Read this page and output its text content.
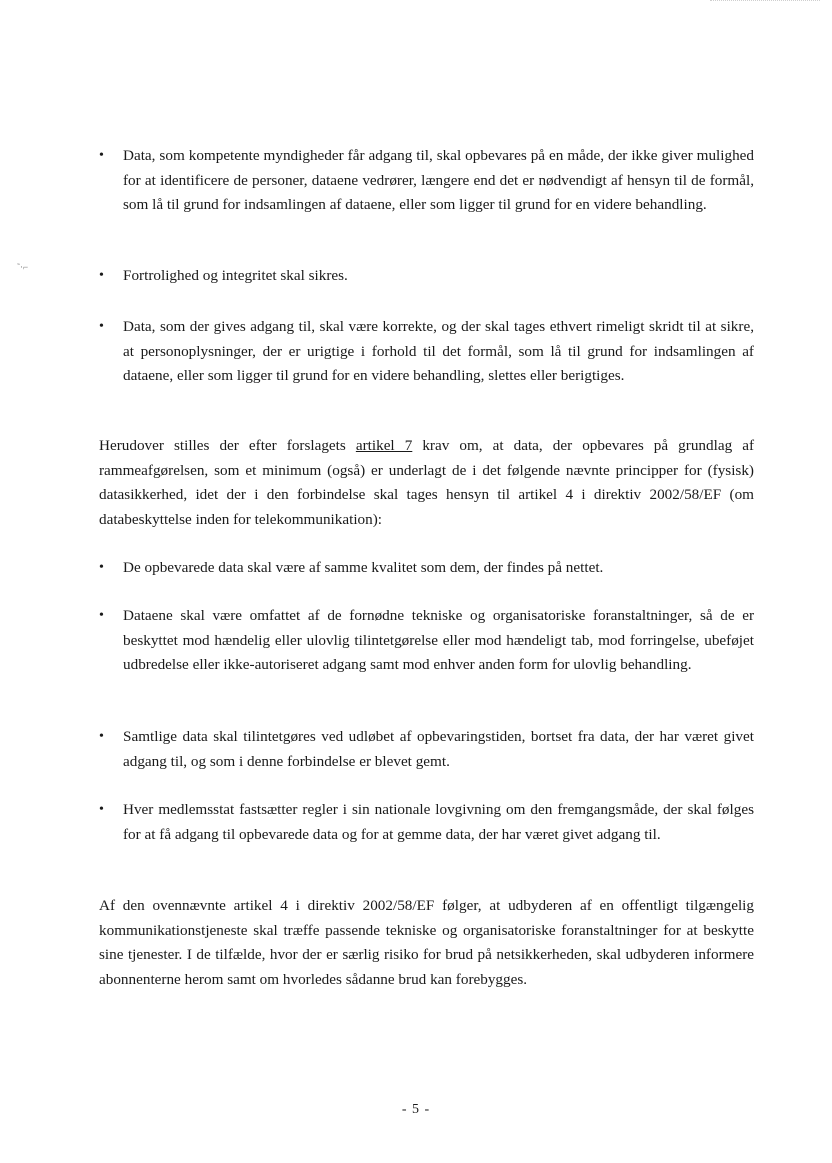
˜·⌐
•	Data, som kompetente myndigheder får adgang til, skal opbevares på en måde, der ikke giver mulighed for at identificere de personer, dataene vedrører, længere end det er nødvendigt af hensyn til de formål, som lå til grund for indsamlingen af dataene, eller som ligger til grund for en videre behandling.
•	Fortrolighed og integritet skal sikres.
•	Data, som der gives adgang til, skal være korrekte, og der skal tages ethvert rimeligt skridt til at sikre, at personoplysninger, der er urigtige i forhold til det formål, som lå til grund for indsamlingen af dataene, eller som ligger til grund for en videre behandling, slettes eller berigtiges.
Herudover stilles der efter forslagets artikel 7 krav om, at data, der opbevares på grundlag af rammeafgørelsen, som et minimum (også) er underlagt de i det følgende nævnte principper for (fysisk) datasikkerhed, idet der i den forbindelse skal tages hensyn til artikel 4 i direktiv 2002/58/EF (om databeskyttelse inden for telekommunikation):
•	De opbevarede data skal være af samme kvalitet som dem, der findes på nettet.
•	Dataene skal være omfattet af de fornødne tekniske og organisatoriske foranstaltninger, så de er beskyttet mod hændelig eller ulovlig tilintetgørelse eller mod hændeligt tab, mod forringelse, ubeføjet udbredelse eller ikke-autoriseret adgang samt mod enhver anden form for ulovlig behandling.
•	Samtlige data skal tilintetgøres ved udløbet af opbevaringstiden, bortset fra data, der har været givet adgang til, og som i denne forbindelse er blevet gemt.
•	Hver medlemsstat fastsætter regler i sin nationale lovgivning om den fremgangsmåde, der skal følges for at få adgang til opbevarede data og for at gemme data, der har været givet adgang til.
Af den ovennævnte artikel 4 i direktiv 2002/58/EF følger, at udbyderen af en offentligt tilgængelig kommunikationstjeneste skal træffe passende tekniske og organisatoriske foranstaltninger for at beskytte sine tjenester. I de tilfælde, hvor der er særlig risiko for brud på netsikkerheden, skal udbyderen informere abonnenterne herom samt om hvorledes sådanne brud kan forebygges.
- 5 -
